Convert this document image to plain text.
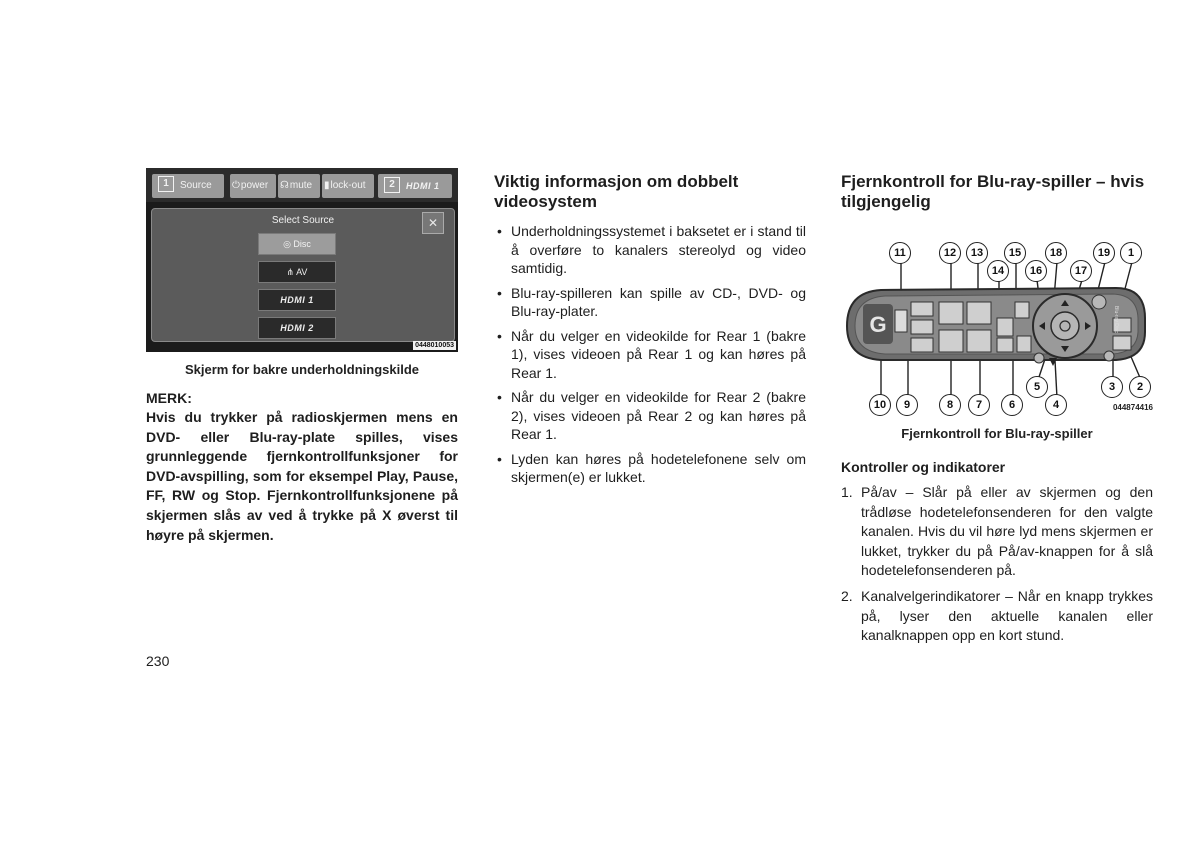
1 Source	⏻power	☊mute	▮lock-out	2 HDMI 1
Select Source	✕
◎ Disc
⋔ AV
HDMI 1
HDMI 2
0448010053
Skjerm for bakre underholdningskilde
MERK:
Hvis du trykker på radioskjermen mens en DVD- eller Blu-ray-plate spilles, vises grunnleggende fjernkontrollfunksjoner for DVD-avspilling, som for eksempel Play, Pause, FF, RW og Stop. Fjernkontrollfunksjonene på skjermen slås av ved å trykke på X øverst til høyre på skjermen.
230
Viktig informasjon om dobbelt videosystem
• Underholdningssystemet i baksetet er i stand til å overføre to kanalers stereolyd og video samtidig.
• Blu-ray-spilleren kan spille av CD-, DVD- og Blu-ray-plater.
• Når du velger en videokilde for Rear 1 (bakre 1), vises videoen på Rear 1 og kan høres på Rear 1.
• Når du velger en videokilde for Rear 2 (bakre 2), vises videoen på Rear 2 og kan høres på Rear 1.
• Lyden kan høres på hodetelefonene selv om skjermen(e) er lukket.
Fjernkontroll for Blu-ray-spiller – hvis tilgjengelig
G
11	12	13
14
15
16
18
17
19	1
10	9	8	7	6
5
4
3	2
Blu-ray Disc
044874416
Fjernkontroll for Blu-ray-spiller
Kontroller og indikatorer
1. På/av – Slår på eller av skjermen og den trådløse hodetelefonsenderen for den valgte kanalen. Hvis du vil høre lyd mens skjermen er lukket, trykker du på På/av-knappen for å slå hodetelefonsenderen på.
2. Kanalvelgerindikatorer – Når en knapp trykkes på, lyser den aktuelle kanalen eller kanalknappen opp en kort stund.
